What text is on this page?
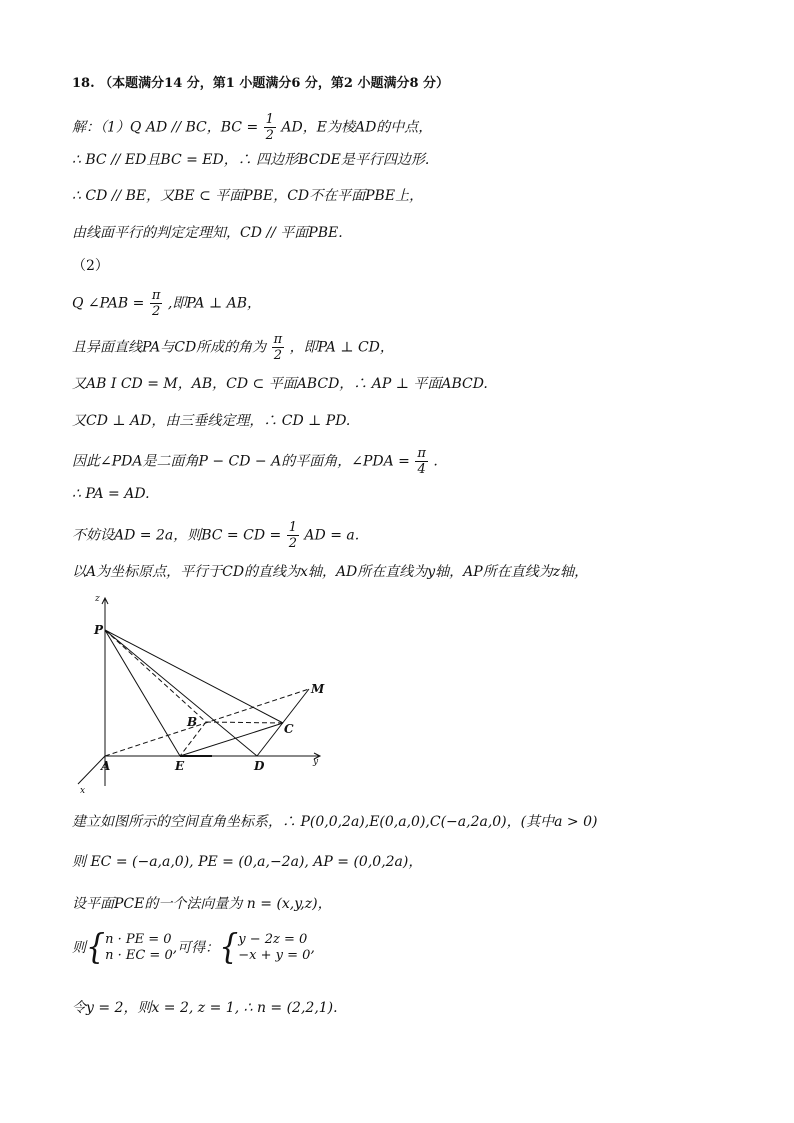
18. （本题满分14 分，第1 小题满分6 分，第2 小题满分8 分）
解：（1）Q AD // BC，BC = $\frac{1}{2}$ AD，E为棱AD的中点，
∴ BC // ED且BC = ED，∴ 四边形BCDE是平行四边形.
∴ CD // BE，又BE ⊂ 平面PBE，CD不在平面PBE上，
由线面平行的判定定理知，CD // 平面PBE.
（2）
Q ∠PAB = $\frac{\pi}{2}$ ,即PA ⊥ AB，
且异面直线PA与CD所成的角为 $\frac{\pi}{2}$ ，即PA ⊥ CD，
又AB I CD = M，AB，CD ⊂ 平面ABCD，∴ AP ⊥ 平面ABCD.
又CD ⊥ AD，由三垂线定理，∴ CD ⊥ PD.
因此∠PDA是二面角P − CD − A的平面角，∠PDA = $\frac{\pi}{4}$ .
∴ PA = AD.
不妨设AD = 2a，则BC = CD = $\frac{1}{2}$ AD = a.
以A为坐标原点，平行于CD的直线为x轴，AD所在直线为y轴，AP所在直线为z轴，
P
M
B	C
A	E	D
z
y
x
建立如图所示的空间直角坐标系，∴ P(0,0,2a),E(0,a,0),C(−a,2a,0)，(其中a > 0)
则 EC = (−a,a,0), PE = (0,a,−2a), AP = (0,0,2a)，
设平面PCE的一个法向量为 n = (x,y,z)，
则{ n · PE = 0
n · EC = 0 ,可得：{ y − 2z = 0
−x + y = 0 ,
令y = 2，则x = 2, z = 1, ∴ n = (2,2,1).
